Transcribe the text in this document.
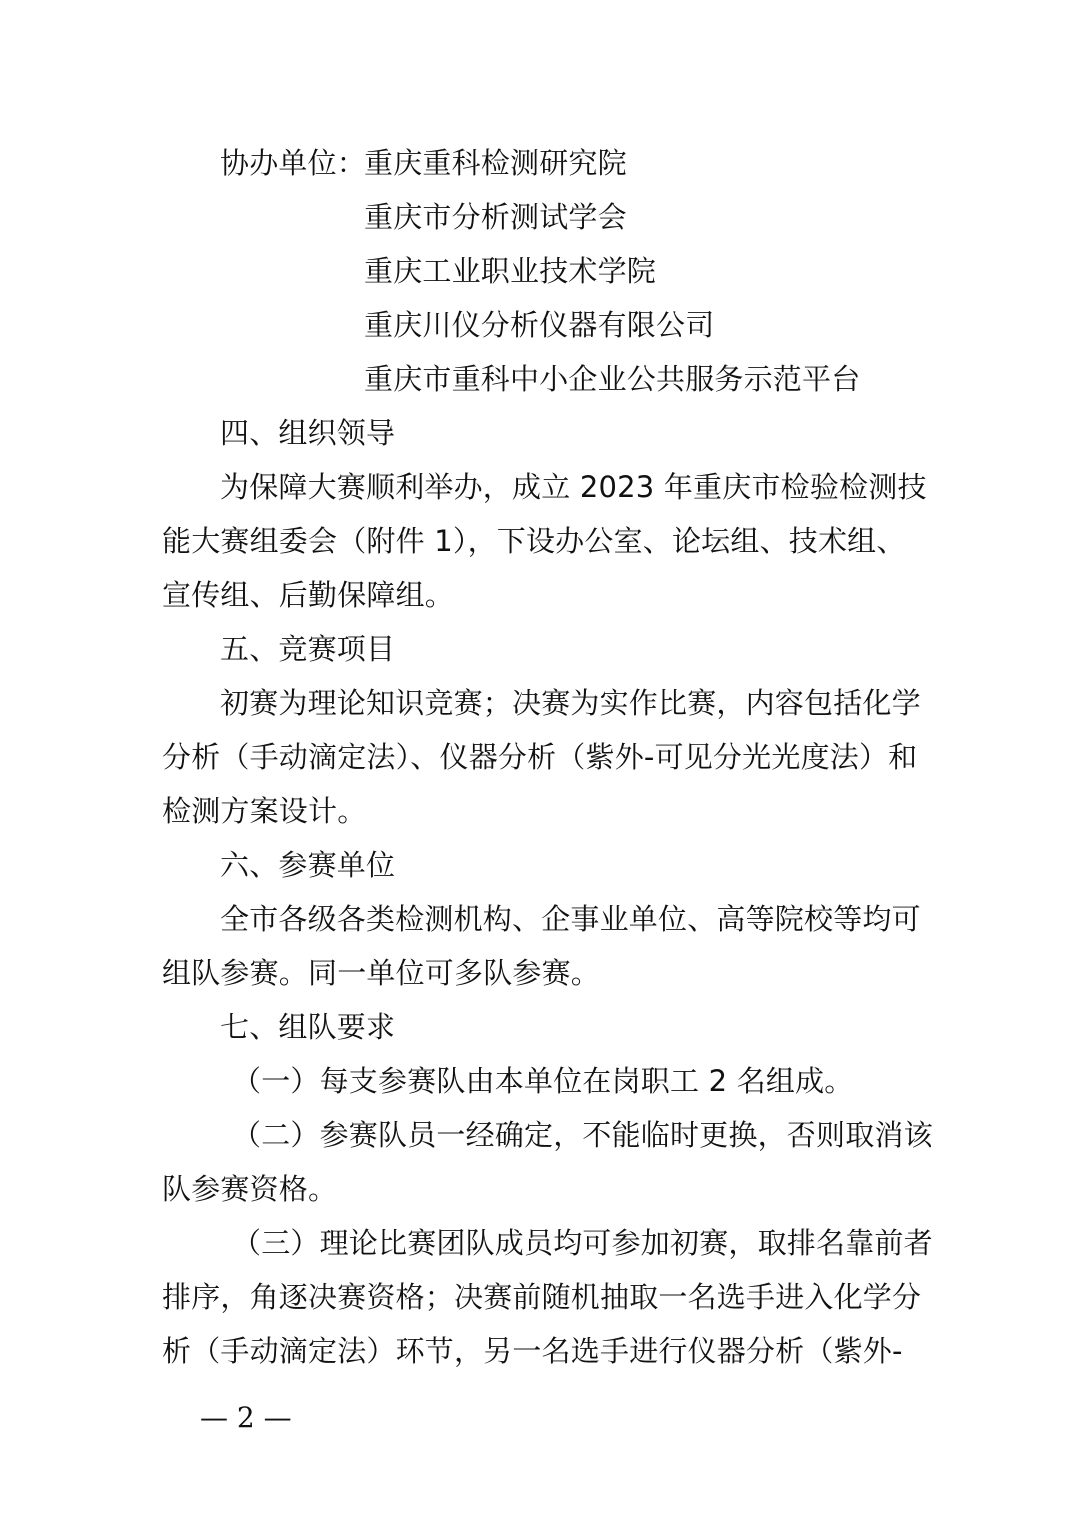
协办单位：
重庆重科检测研究院
重庆市分析测试学会
重庆工业职业技术学院
重庆川仪分析仪器有限公司
重庆市重科中小企业公共服务示范平台
四、组织领导
为保障大赛顺利举办，成立 2023 年重庆市检验检测技
能大赛组委会（附件 1），下设办公室、论坛组、技术组、
宣传组、后勤保障组。
五、竞赛项目
初赛为理论知识竞赛；决赛为实作比赛，内容包括化学
分析（手动滴定法）、仪器分析（紫外-可见分光光度法）和
检测方案设计。
六、参赛单位
全市各级各类检测机构、企事业单位、高等院校等均可
组队参赛。同一单位可多队参赛。
七、组队要求
（一）每支参赛队由本单位在岗职工 2 名组成。
（二）参赛队员一经确定，不能临时更换，否则取消该
队参赛资格。
（三）理论比赛团队成员均可参加初赛，取排名靠前者
排序，角逐决赛资格；决赛前随机抽取一名选手进入化学分
析（手动滴定法）环节，另一名选手进行仪器分析（紫外-
— 2 —
